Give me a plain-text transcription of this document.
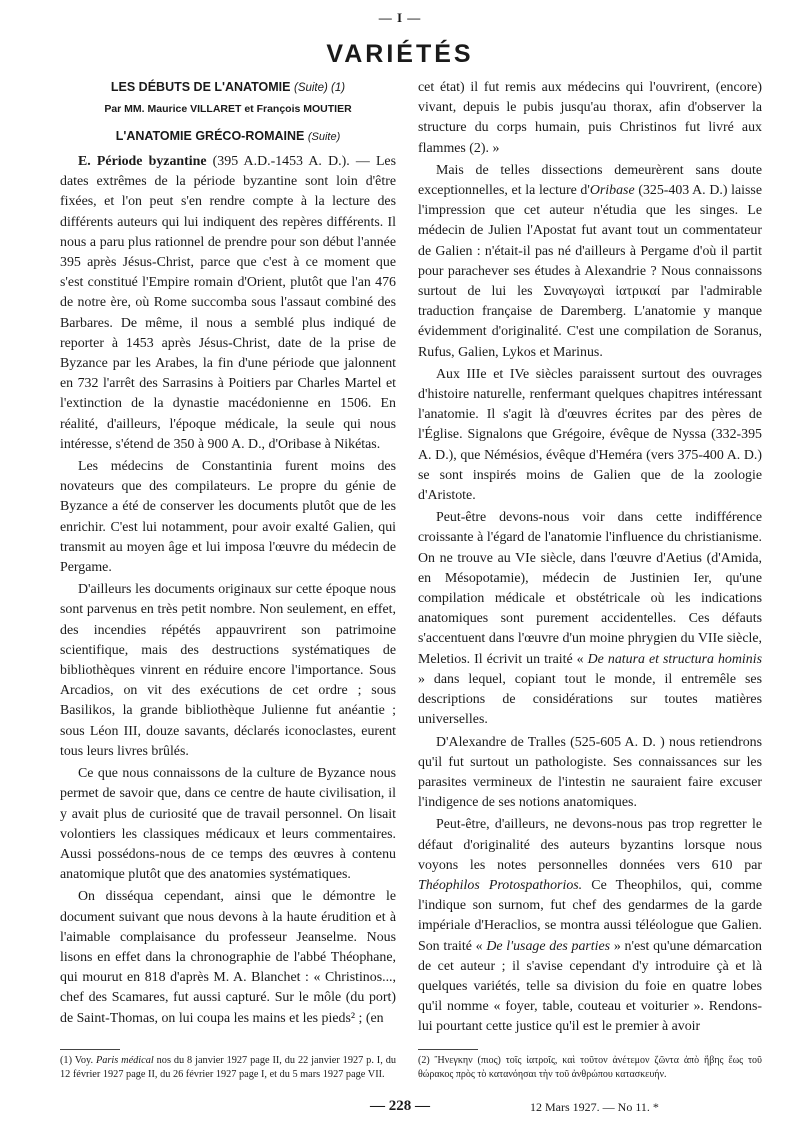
— I —
VARIÉTÉS
LES DÉBUTS DE L'ANATOMIE (Suite) (1)
Par MM. Maurice VILLARET et François MOUTIER
L'ANATOMIE GRÉCO-ROMAINE (Suite)

E. Période byzantine (395 A.D.-1453 A. D.). — Les dates extrêmes de la période byzantine sont loin d'être fixées, et l'on peut s'en rendre compte à la lecture des différents auteurs qui lui indiquent des repères différents. Il nous a paru plus rationnel de prendre pour son début l'année 395 après Jésus-Christ, parce que c'est à ce moment que s'est constitué l'Empire romain d'Orient, plutôt que l'an 476 de notre ère, où Rome succomba sous l'assaut combiné des Barbares. De même, il nous a semblé plus indiqué de reporter à 1453 après Jésus-Christ, date de la prise de Byzance par les Arabes, la fin d'une période que jalonnent en 732 l'arrêt des Sarrasins à Poitiers par Charles Martel et l'extinction de la dynastie macédonienne en 1506. En réalité, d'ailleurs, l'époque médicale, la seule qui nous intéresse, s'étend de 350 à 900 A. D., d'Oribase à Nikétas.

Les médecins de Constantinia furent moins des novateurs que des compilateurs. Le propre du génie de Byzance a été de conserver les documents plutôt que de les enrichir. C'est lui notamment, pour avoir exalté Galien, qui transmit au moyen âge et lui imposa l'œuvre du médecin de Pergame.

D'ailleurs les documents originaux sur cette époque nous sont parvenus en très petit nombre. Non seulement, en effet, des incendies répétés appauvrirent son patrimoine scientifique, mais des destructions systématiques de bibliothèques vinrent en réduire encore l'importance. Sous Arcadios, on vit des exécutions de cet ordre ; sous Basilikos, la grande bibliothèque Julienne fut anéantie ; sous Léon III, douze savants, déclarés iconoclastes, eurent tous leurs livres brûlés.

Ce que nous connaissons de la culture de Byzance nous permet de savoir que, dans ce centre de haute civilisation, il y avait plus de curiosité que de travail personnel. On lisait volontiers les classiques médicaux et leurs commentaires. Aussi possédons-nous de ce temps des œuvres à contenu anatomique plutôt que des anatomies systématiques.

On disséqua cependant, ainsi que le démontre le document suivant que nous devons à la haute érudition et à l'aimable complaisance du professeur Jeanselme. Nous lisons en effet dans la chronographie de l'abbé Théophane, qui mourut en 818 d'après M. A. Blanchet : « Christinos..., chef des Scamares, fut aussi capturé. Sur le môle (du port) de Saint-Thomas, on lui coupa les mains et les pieds² ; (en

cet état) il fut remis aux médecins qui l'ouvrirent, (encore) vivant, depuis le pubis jusqu'au thorax, afin d'observer la structure du corps humain, puis Christinos fut livré aux flammes (2). »

Mais de telles dissections demeurèrent sans doute exceptionnelles, et la lecture d'Oribase (325-403 A. D.) laisse l'impression que cet auteur n'étudia que les singes. Le médecin de Julien l'Apostat fut avant tout un commentateur de Galien : n'était-il pas né d'ailleurs à Pergame d'où il partit pour parachever ses études à Alexandrie ? Nous connaissons surtout de lui les Συναγωγαὶ ἰατρικαί par l'admirable traduction française de Daremberg. L'anatomie y manque évidemment d'originalité. C'est une compilation de Soranus, Rufus, Galien, Lykos et Marinus.

Aux IIIe et IVe siècles paraissent surtout des ouvrages d'histoire naturelle, renfermant quelques chapitres intéressant l'anatomie. Il s'agit là d'œuvres écrites par des pères de l'Église. Signalons que Grégoire, évêque de Nyssa (332-395 A. D.), que Némésios, évêque d'Heméra (vers 375-400 A. D.) se sont inspirés moins de Galien que de la zoologie d'Aristote.

Peut-être devons-nous voir dans cette indifférence croissante à l'égard de l'anatomie l'influence du christianisme. On ne trouve au VIe siècle, dans l'œuvre d'Aetius (d'Amida, en Mésopotamie), médecin de Justinien Ier, qu'une compilation médicale et obstétricale où les indications anatomiques sont purement accidentelles. Ces défauts s'accentuent dans l'œuvre d'un moine phrygien du VIIe siècle, Meletios. Il écrivit un traité « De natura et structura hominis » dans lequel, copiant tout le monde, il entremêle ses descriptions de considérations sur toutes matières universelles.

D'Alexandre de Tralles (525-605 A. D. ) nous retiendrons qu'il fut surtout un pathologiste. Ses connaissances sur les parasites vermineux de l'intestin ne sauraient faire excuser l'indigence de ses notions anatomiques.

Peut-être, d'ailleurs, ne devons-nous pas trop regretter le défaut d'originalité des auteurs byzantins lorsque nous voyons les notes personnelles données vers 610 par Théophilos Protospathorios. Ce Theophilos, qui, comme l'indique son surnom, fut chef des gendarmes de la garde impériale d'Heraclios, se montra aussi téléologue que Galien. Son traité « De l'usage des parties » n'est qu'une démarcation de cet auteur ; il s'avise cependant d'y introduire çà et là quelques variétés, telle sa division du foie en quatre lobes qu'il nomme « foyer, table, couteau et voiturier ». Rendons-lui pourtant cette justice qu'il est le premier à avoir

(1) Voy. Paris médical nos du 8 janvier 1927 page II, du 22 janvier 1927 p. I, du 12 février 1927 page II, du 26 février 1927 page I, et du 5 mars 1927 page VII.
(2) Ἤνεγκην (πιος) τοῖς ἰατροῖς, καὶ τοῦτον ἀνέτεμον ζῶντα ἀπὸ ἥβης ἕως τοῦ θώρακος πρὸς τὸ κατανόησαι τὴν τοῦ ἀνθρώπου κατασκευήν.
— 228 —	12 Mars 1927. — No 11. *
